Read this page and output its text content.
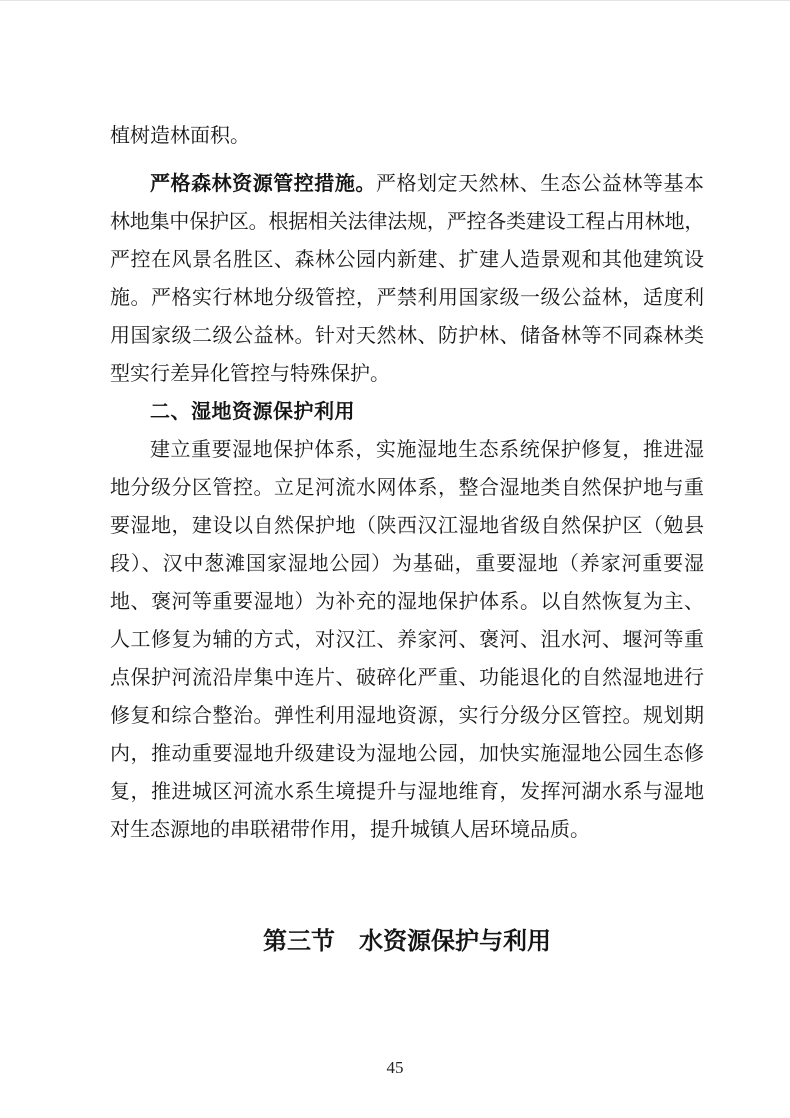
植树造林面积。
严格森林资源管控措施。严格划定天然林、生态公益林等基本
林地集中保护区。根据相关法律法规，严控各类建设工程占用林地，
严控在风景名胜区、森林公园内新建、扩建人造景观和其他建筑设
施。严格实行林地分级管控，严禁利用国家级一级公益林，适度利
用国家级二级公益林。针对天然林、防护林、储备林等不同森林类
型实行差异化管控与特殊保护。
二、湿地资源保护利用
建立重要湿地保护体系，实施湿地生态系统保护修复，推进湿
地分级分区管控。立足河流水网体系，整合湿地类自然保护地与重
要湿地，建设以自然保护地（陕西汉江湿地省级自然保护区（勉县
段）、汉中葱滩国家湿地公园）为基础，重要湿地（养家河重要湿
地、褒河等重要湿地）为补充的湿地保护体系。以自然恢复为主、
人工修复为辅的方式，对汉江、养家河、褒河、沮水河、堰河等重
点保护河流沿岸集中连片、破碎化严重、功能退化的自然湿地进行
修复和综合整治。弹性利用湿地资源，实行分级分区管控。规划期
内，推动重要湿地升级建设为湿地公园，加快实施湿地公园生态修
复，推进城区河流水系生境提升与湿地维育，发挥河湖水系与湿地
对生态源地的串联裙带作用，提升城镇人居环境品质。
第三节　水资源保护与利用
45
